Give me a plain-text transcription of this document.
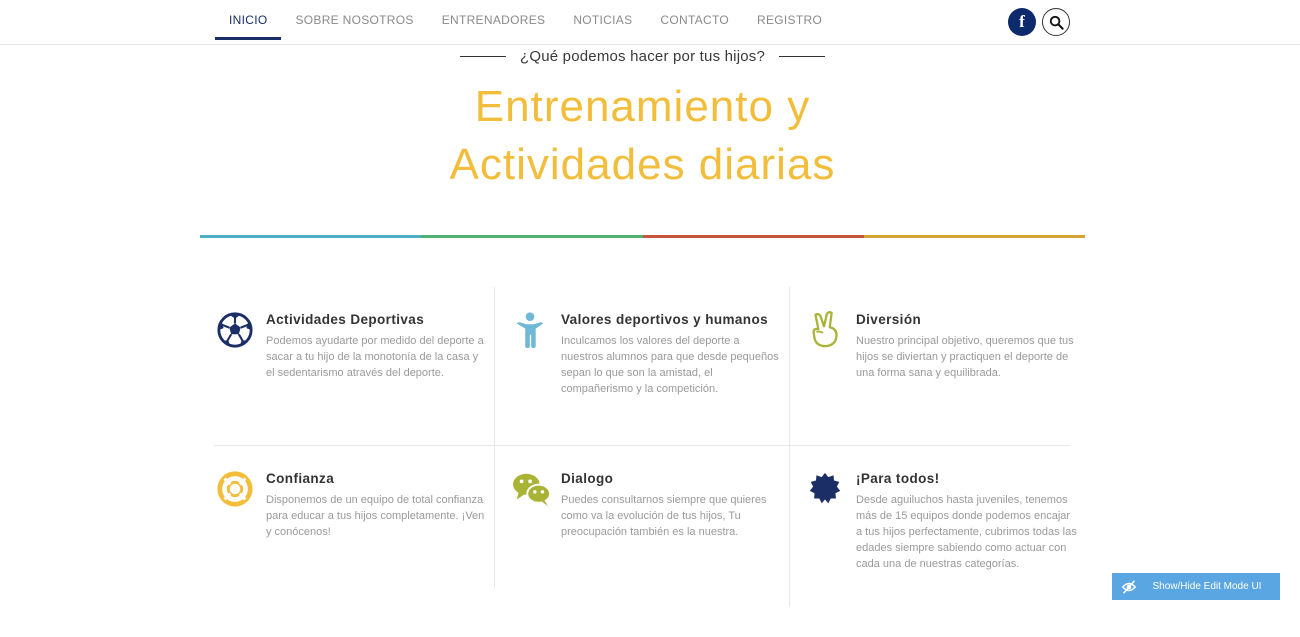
INICIO	SOBRE NOSOTROS	ENTRENADORES	NOTICIAS	CONTACTO	REGISTRO	f
¿Qué podemos hacer por tus hijos?
Entrenamiento y
Actividades diarias
Actividades Deportivas

Podemos ayudarte por medido del deporte a sacar a tu hijo de la monotonía de la casa y el sedentarismo através del deporte.

Valores deportivos y humanos

Inculcamos los valores del deporte a nuestros alumnos para que desde pequeños sepan lo que son la amistad, el compañerismo y la competición.

Diversión

Nuestro principal objetivo, queremos que tus hijos se diviertan y practiquen el deporte de una forma sana y equilibrada.

Confianza

Disponemos de un equipo de total confianza para educar a tus hijos completamente. ¡Ven y conócenos!

Dialogo

Puedes consultarnos siempre que quieres como va la evolución de tus hijos, Tu preocupación también es la nuestra.

¡Para todos!

Desde aguiluchos hasta juveniles, tenemos más de 15 equipos donde podemos encajar a tus hijos perfectamente, cubrimos todas las edades siempre sabiendo como actuar con cada una de nuestras categorías.

Show/Hide Edit Mode UI
